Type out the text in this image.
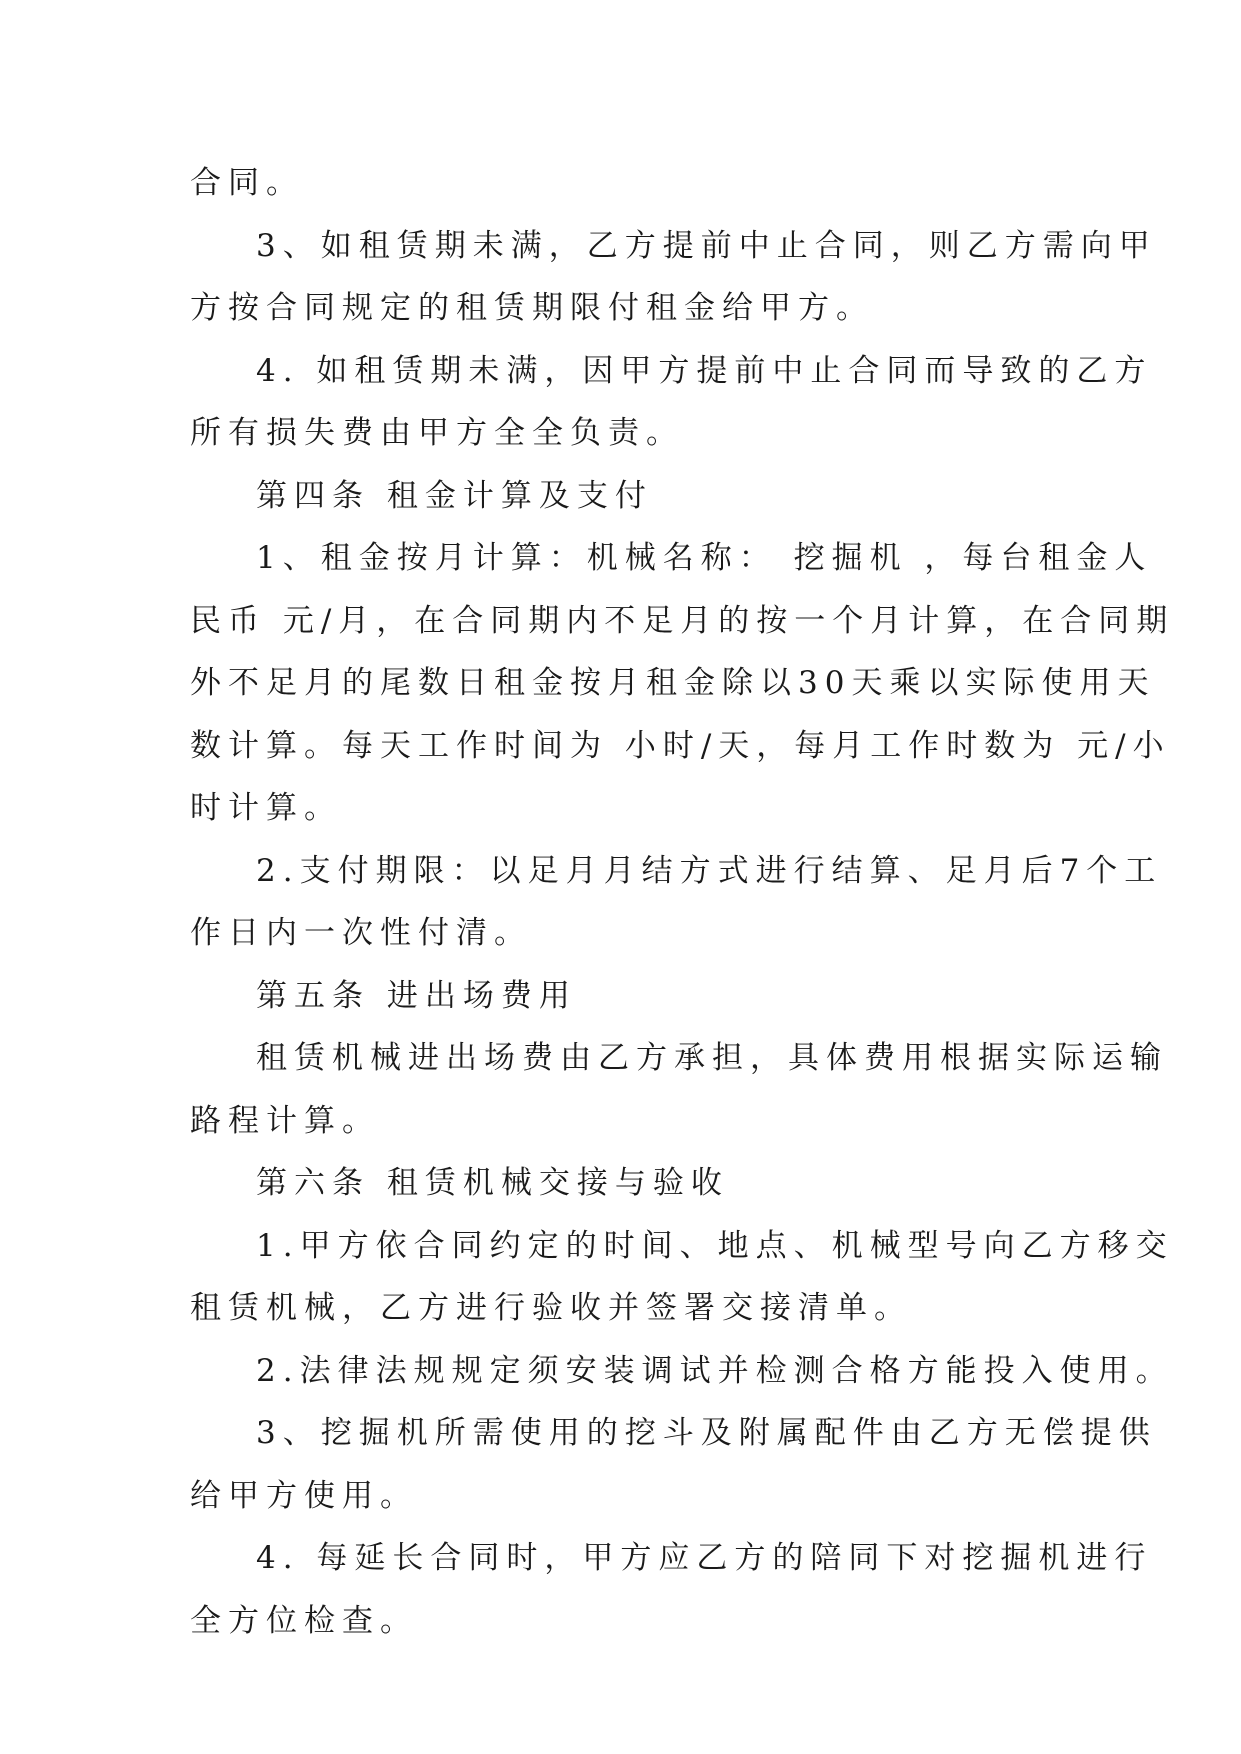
合同。
3、如租赁期未满，乙方提前中止合同，则乙方需向甲
方按合同规定的租赁期限付租金给甲方。
4. 如租赁期未满，因甲方提前中止合同而导致的乙方
所有损失费由甲方全全负责。
第四条 租金计算及支付
1、租金按月计算：机械名称： 挖掘机 ，每台租金人
民币 元/月，在合同期内不足月的按一个月计算，在合同期
外不足月的尾数日租金按月租金除以30天乘以实际使用天
数计算。每天工作时间为 小时/天，每月工作时数为 元/小
时计算。
2.支付期限：以足月月结方式进行结算、足月后7个工
作日内一次性付清。
第五条 进出场费用
租赁机械进出场费由乙方承担，具体费用根据实际运输
路程计算。
第六条 租赁机械交接与验收
1.甲方依合同约定的时间、地点、机械型号向乙方移交
租赁机械，乙方进行验收并签署交接清单。
2.法律法规规定须安装调试并检测合格方能投入使用。
3、挖掘机所需使用的挖斗及附属配件由乙方无偿提供
给甲方使用。
4. 每延长合同时，甲方应乙方的陪同下对挖掘机进行
全方位检查。
